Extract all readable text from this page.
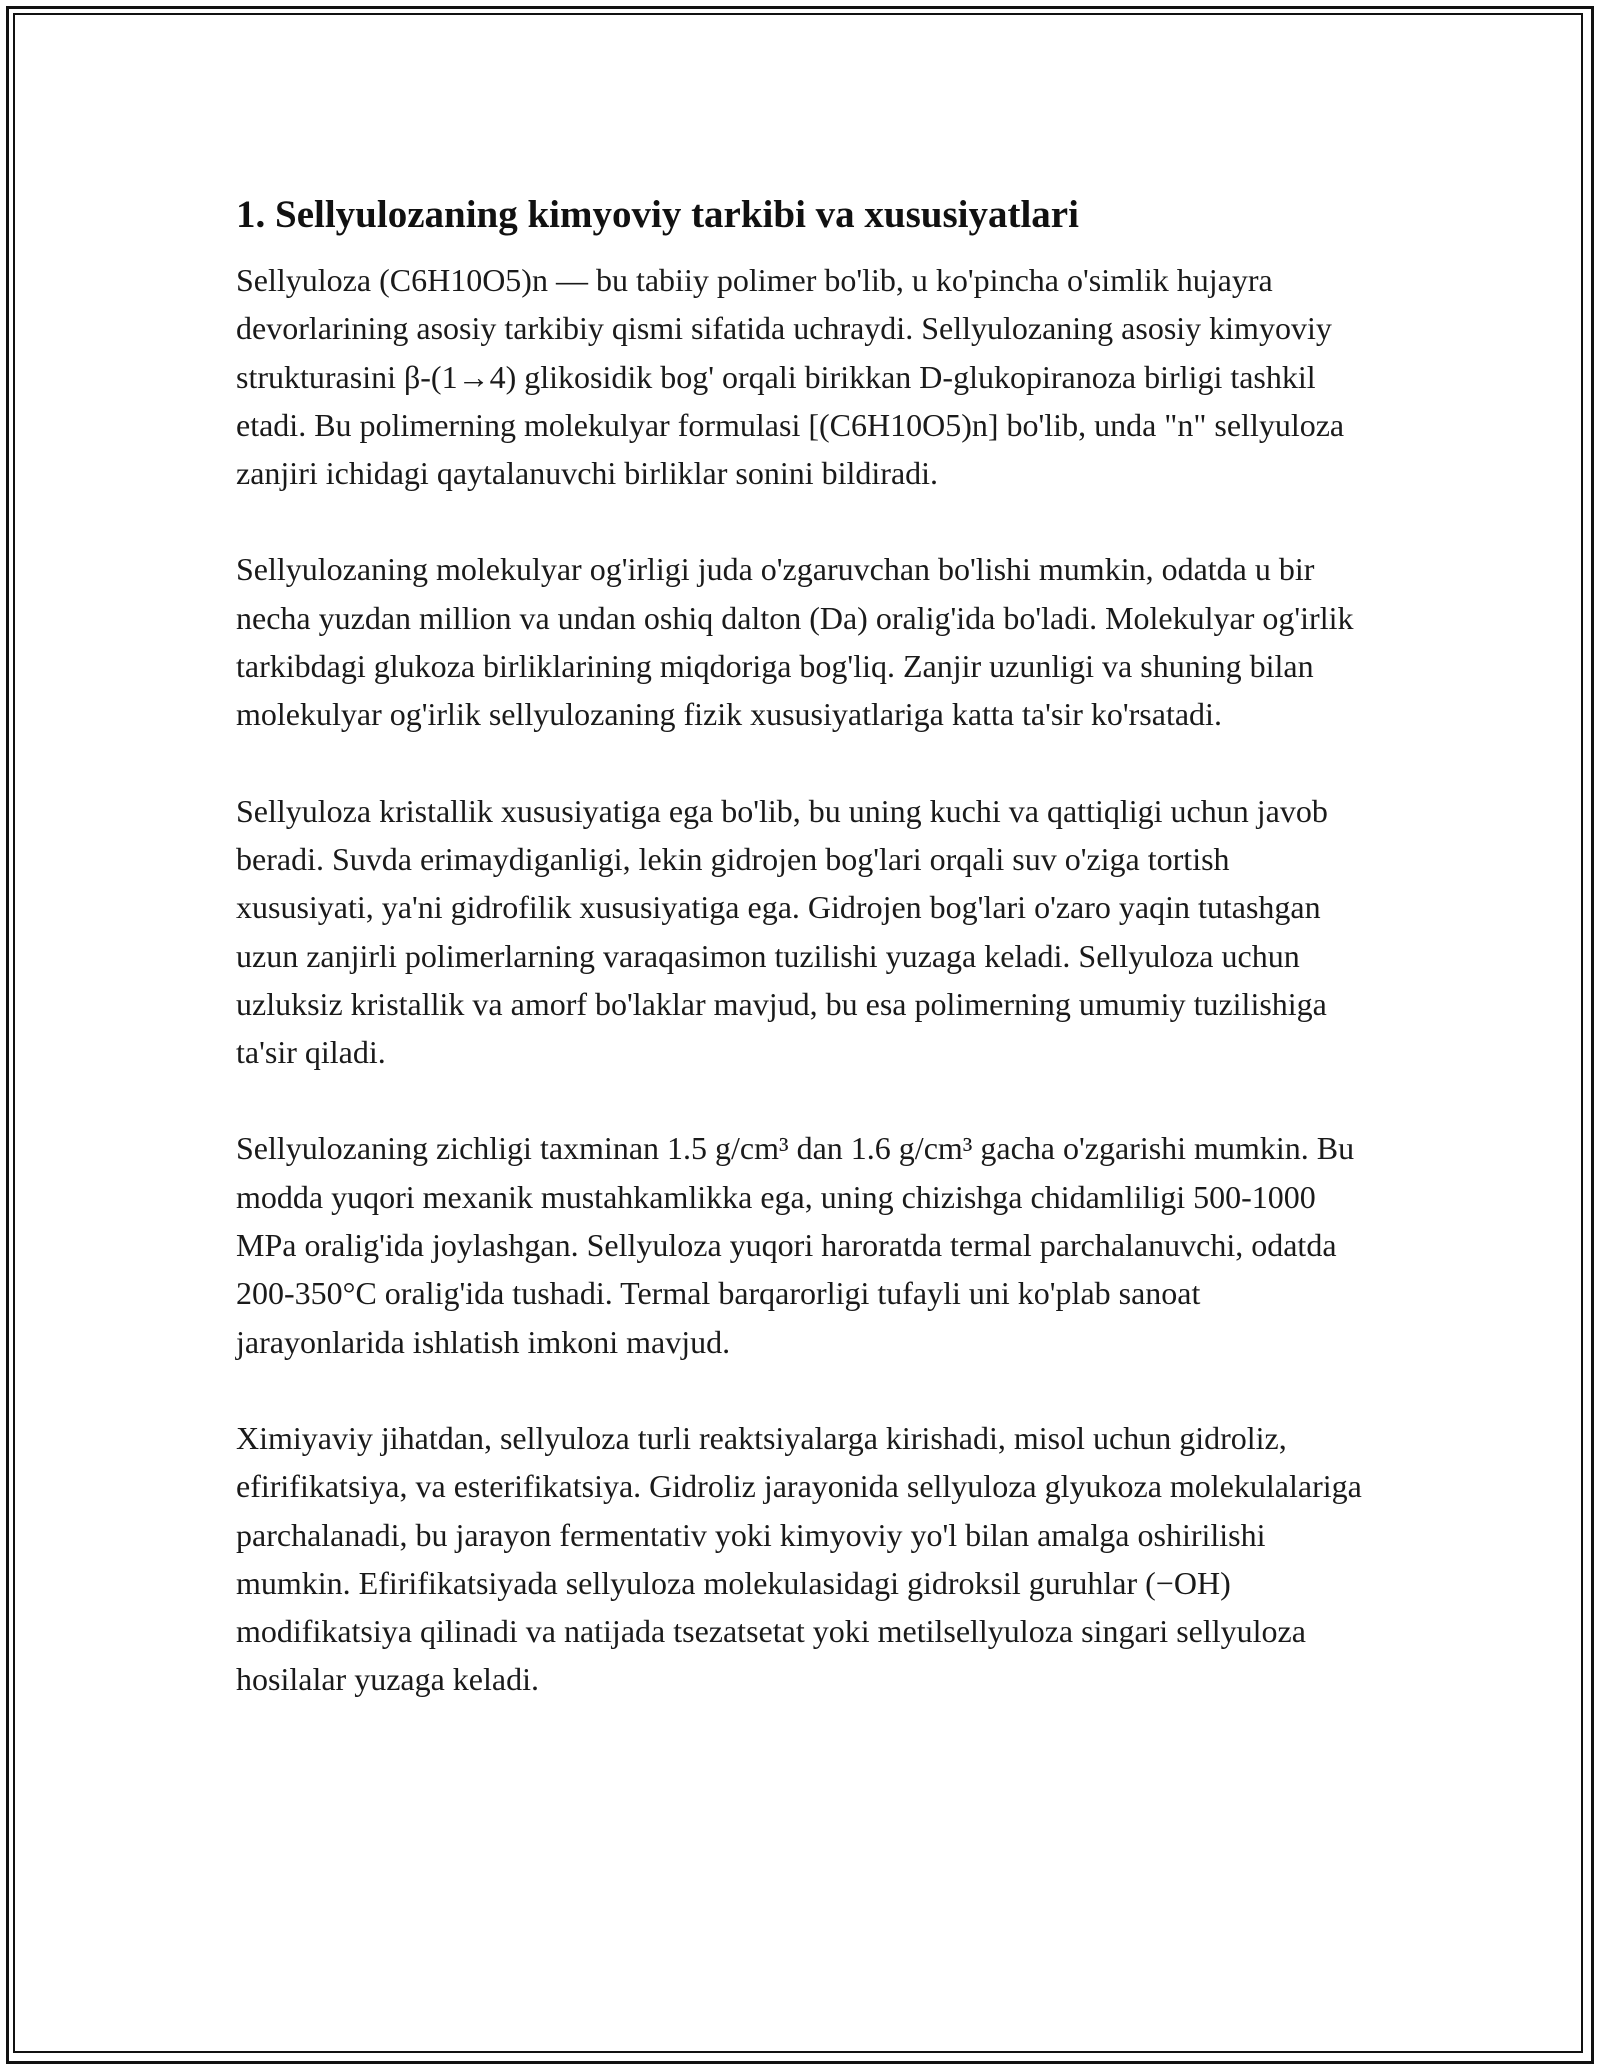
1. Sellyulozaning kimyoviy tarkibi va xususiyatlari

Sellyuloza (C6H10O5)n — bu tabiiy polimer bo'lib, u ko'pincha o'simlik hujayra devorlarining asosiy tarkibiy qismi sifatida uchraydi. Sellyulozaning asosiy kimyoviy strukturasini β-(1→4) glikosidik bog' orqali birikkan D-glukopiranoza birligi tashkil etadi. Bu polimerning molekulyar formulasi [(C6H10O5)n] bo'lib, unda "n" sellyuloza zanjiri ichidagi qaytalanuvchi birliklar sonini bildiradi.

Sellyulozaning molekulyar og'irligi juda o'zgaruvchan bo'lishi mumkin, odatda u bir necha yuzdan million va undan oshiq dalton (Da) oralig'ida bo'ladi. Molekulyar og'irlik tarkibdagi glukoza birliklarining miqdoriga bog'liq. Zanjir uzunligi va shuning bilan molekulyar og'irlik sellyulozaning fizik xususiyatlariga katta ta'sir ko'rsatadi.

Sellyuloza kristallik xususiyatiga ega bo'lib, bu uning kuchi va qattiqligi uchun javob beradi. Suvda erimaydiganligi, lekin gidrojen bog'lari orqali suv o'ziga tortish xususiyati, ya'ni gidrofilik xususiyatiga ega. Gidrojen bog'lari o'zaro yaqin tutashgan uzun zanjirli polimerlarning varaqasimon tuzilishi yuzaga keladi. Sellyuloza uchun uzluksiz kristallik va amorf bo'laklar mavjud, bu esa polimerning umumiy tuzilishiga ta'sir qiladi.

Sellyulozaning zichligi taxminan 1.5 g/cm³ dan 1.6 g/cm³ gacha o'zgarishi mumkin. Bu modda yuqori mexanik mustahkamlikka ega, uning chizishga chidamliligi 500-1000 MPa oralig'ida joylashgan. Sellyuloza yuqori haroratda termal parchalanuvchi, odatda 200-350°C oralig'ida tushadi. Termal barqarorligi tufayli uni ko'plab sanoat jarayonlarida ishlatish imkoni mavjud.

Ximiyaviy jihatdan, sellyuloza turli reaktsiyalarga kirishadi, misol uchun gidroliz, efirifikatsiya, va esterifikatsiya. Gidroliz jarayonida sellyuloza glyukoza molekulalariga parchalanadi, bu jarayon fermentativ yoki kimyoviy yo'l bilan amalga oshirilishi mumkin. Efirifikatsiyada sellyuloza molekulasidagi gidroksil guruhlar (−OH) modifikatsiya qilinadi va natijada tsezatsetat yoki metilsellyuloza singari sellyuloza hosilalar yuzaga keladi.
